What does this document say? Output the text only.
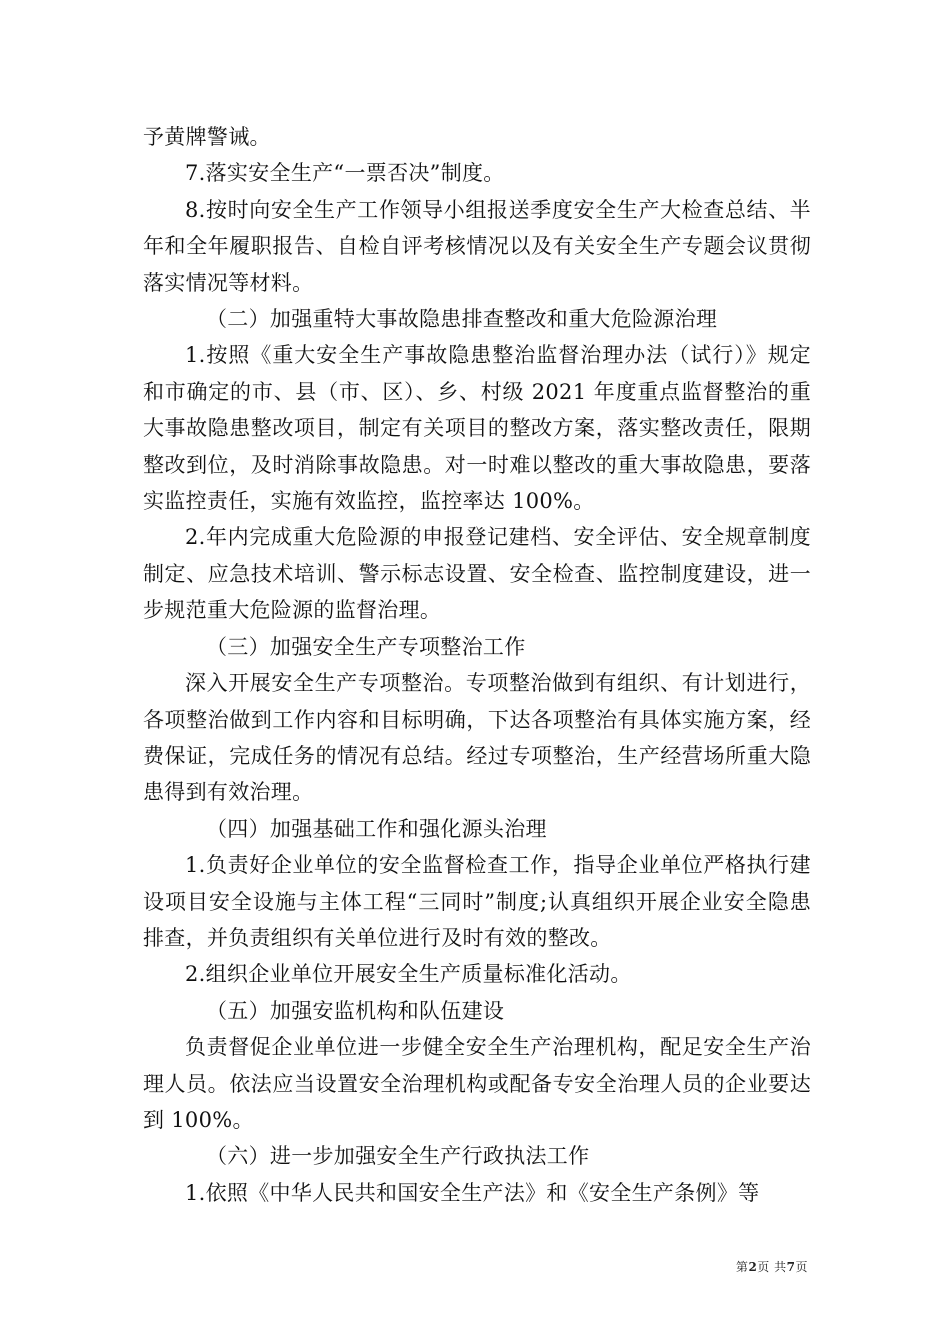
予黄牌警诫。

7.落实安全生产“一票否决”制度。

8.按时向安全生产工作领导小组报送季度安全生产大检查总结、半年和全年履职报告、自检自评考核情况以及有关安全生产专题会议贯彻落实情况等材料。

（二）加强重特大事故隐患排查整改和重大危险源治理

1.按照《重大安全生产事故隐患整治监督治理办法（试行）》规定和市确定的市、县（市、区）、乡、村级 2021 年度重点监督整治的重大事故隐患整改项目，制定有关项目的整改方案，落实整改责任，限期整改到位，及时消除事故隐患。对一时难以整改的重大事故隐患，要落实监控责任，实施有效监控，监控率达 100%。

2.年内完成重大危险源的申报登记建档、安全评估、安全规章制度制定、应急技术培训、警示标志设置、安全检查、监控制度建设，进一步规范重大危险源的监督治理。

（三）加强安全生产专项整治工作

深入开展安全生产专项整治。专项整治做到有组织、有计划进行，各项整治做到工作内容和目标明确，下达各项整治有具体实施方案，经费保证，完成任务的情况有总结。经过专项整治，生产经营场所重大隐患得到有效治理。

（四）加强基础工作和强化源头治理

1.负责好企业单位的安全监督检查工作，指导企业单位严格执行建设项目安全设施与主体工程“三同时”制度;认真组织开展企业安全隐患排查，并负责组织有关单位进行及时有效的整改。

2.组织企业单位开展安全生产质量标准化活动。

（五）加强安监机构和队伍建设

负责督促企业单位进一步健全安全生产治理机构，配足安全生产治理人员。依法应当设置安全治理机构或配备专安全治理人员的企业要达到 100%。

（六）进一步加强安全生产行政执法工作

1.依照《中华人民共和国安全生产法》和《安全生产条例》等

第2页 共7页
